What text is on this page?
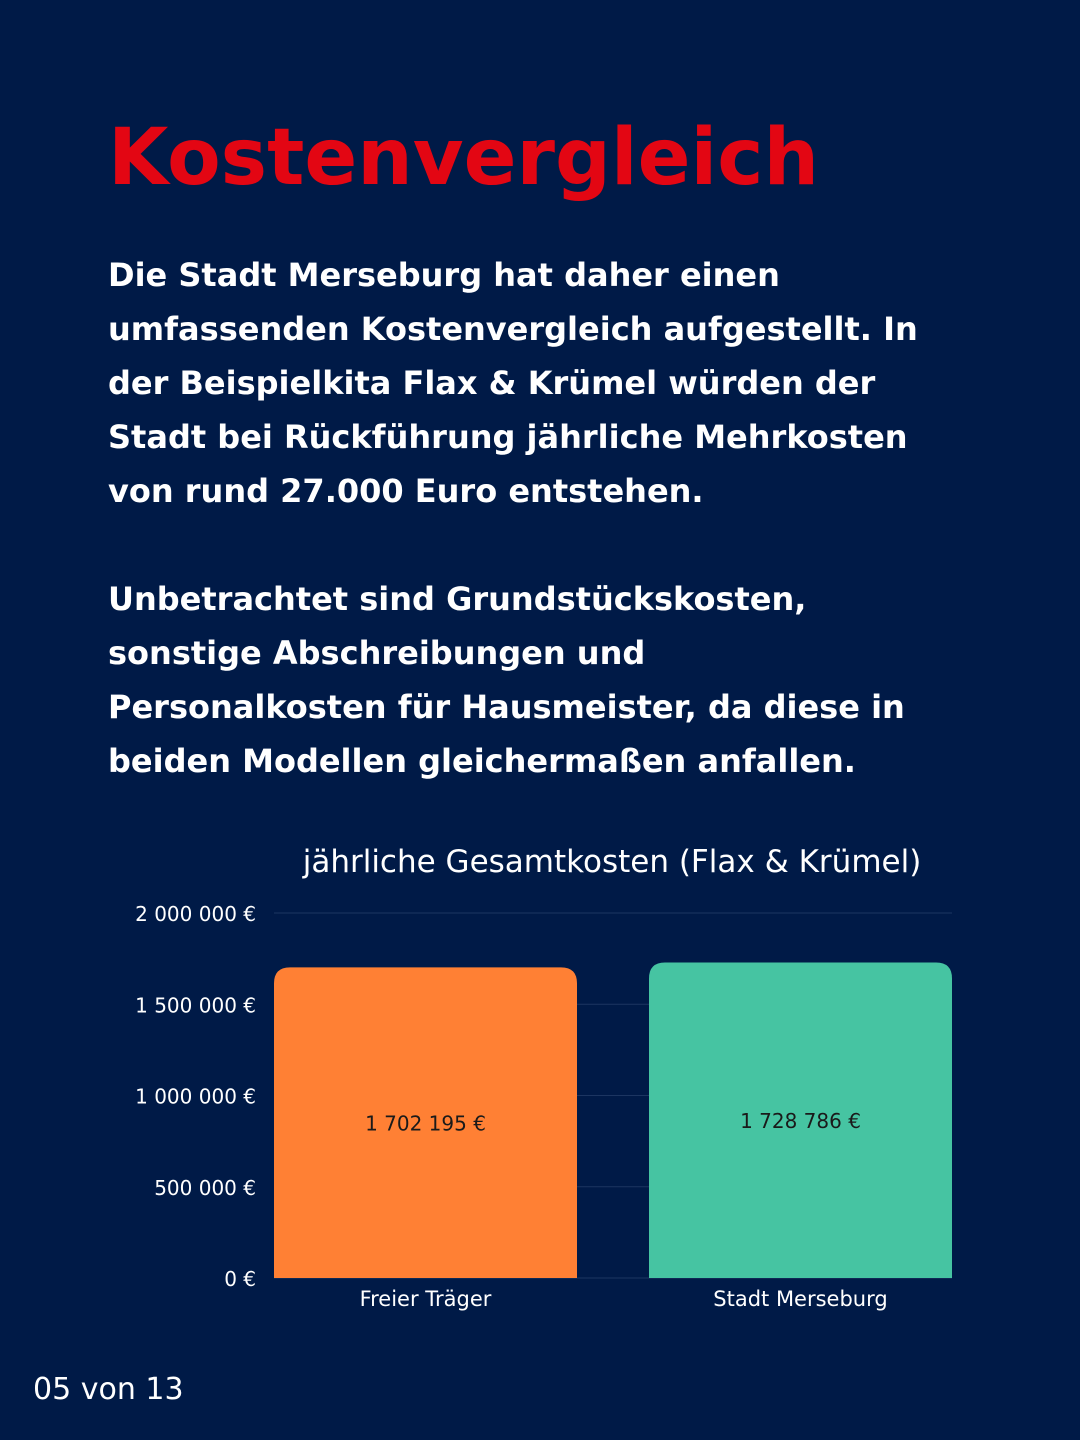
Kostenvergleich

Die Stadt Merseburg hat daher einen
umfassenden Kostenvergleich aufgestellt. In
der Beispielkita Flax & Krümel würden der
Stadt bei Rückführung jährliche Mehrkosten
von rund 27.000 Euro entstehen.

Unbetrachtet sind Grundstückskosten,
sonstige Abschreibungen und
Personalkosten für Hausmeister, da diese in
beiden Modellen gleichermaßen anfallen.

jährliche Gesamtkosten (Flax & Krümel)
0 €
500 000 €
1 000 000 €
1 500 000 €
2 000 000 €
1 702 195 €	1 728 786 €
Freier Träger	Stadt Merseburg
05 von 13
